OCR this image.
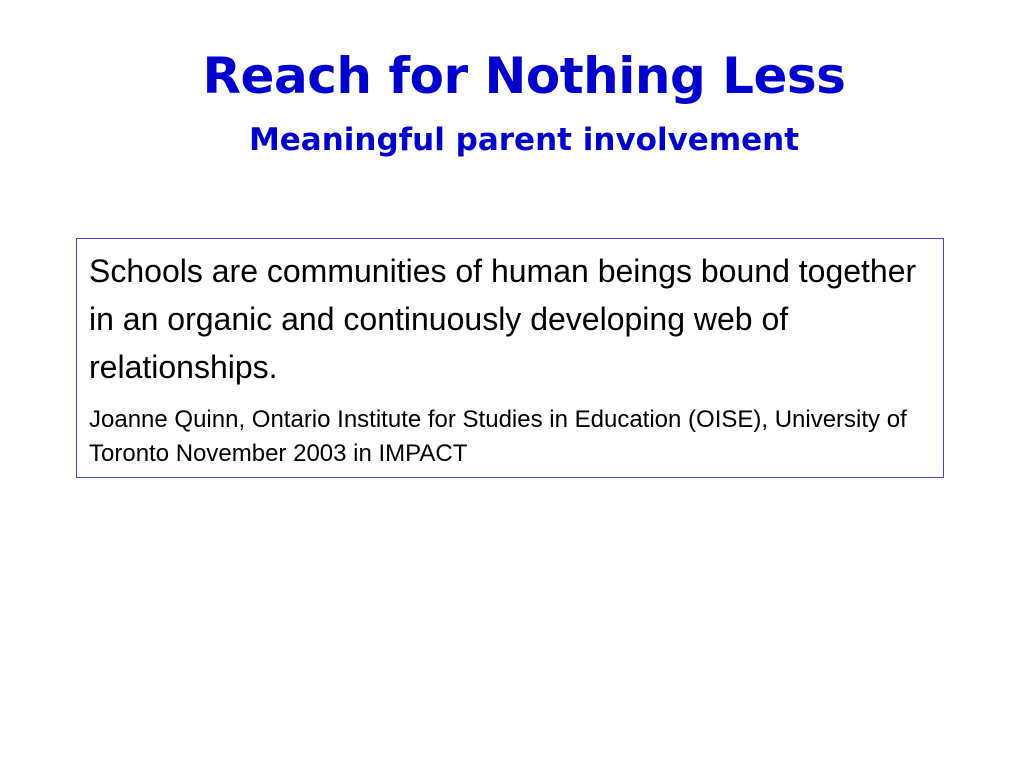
Reach for Nothing Less
Meaningful parent involvement

Schools are communities of human beings bound together in an organic and continuously developing web of relationships.

Joanne Quinn, Ontario Institute for Studies in Education (OISE), University of Toronto November 2003 in IMPACT
